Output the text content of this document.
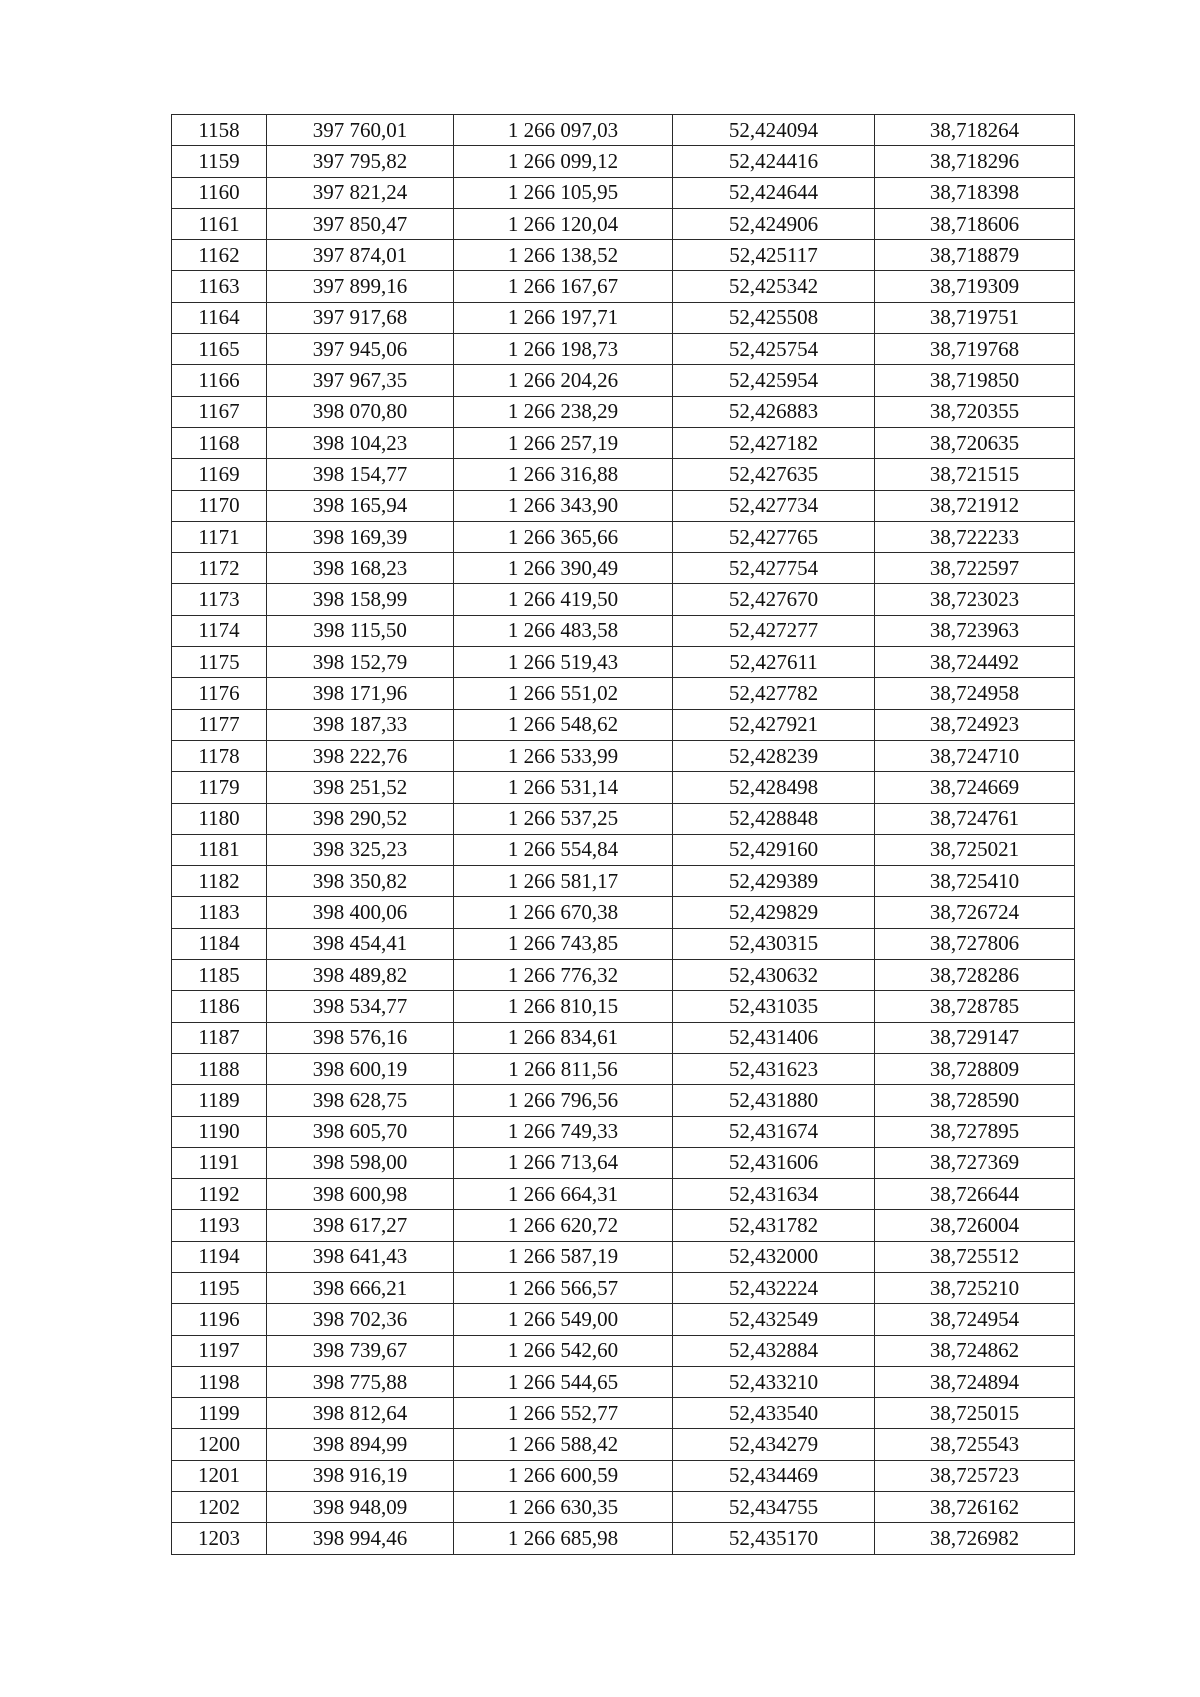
1158	397 760,01	1 266 097,03	52,424094	38,718264
1159	397 795,82	1 266 099,12	52,424416	38,718296
1160	397 821,24	1 266 105,95	52,424644	38,718398
1161	397 850,47	1 266 120,04	52,424906	38,718606
1162	397 874,01	1 266 138,52	52,425117	38,718879
1163	397 899,16	1 266 167,67	52,425342	38,719309
1164	397 917,68	1 266 197,71	52,425508	38,719751
1165	397 945,06	1 266 198,73	52,425754	38,719768
1166	397 967,35	1 266 204,26	52,425954	38,719850
1167	398 070,80	1 266 238,29	52,426883	38,720355
1168	398 104,23	1 266 257,19	52,427182	38,720635
1169	398 154,77	1 266 316,88	52,427635	38,721515
1170	398 165,94	1 266 343,90	52,427734	38,721912
1171	398 169,39	1 266 365,66	52,427765	38,722233
1172	398 168,23	1 266 390,49	52,427754	38,722597
1173	398 158,99	1 266 419,50	52,427670	38,723023
1174	398 115,50	1 266 483,58	52,427277	38,723963
1175	398 152,79	1 266 519,43	52,427611	38,724492
1176	398 171,96	1 266 551,02	52,427782	38,724958
1177	398 187,33	1 266 548,62	52,427921	38,724923
1178	398 222,76	1 266 533,99	52,428239	38,724710
1179	398 251,52	1 266 531,14	52,428498	38,724669
1180	398 290,52	1 266 537,25	52,428848	38,724761
1181	398 325,23	1 266 554,84	52,429160	38,725021
1182	398 350,82	1 266 581,17	52,429389	38,725410
1183	398 400,06	1 266 670,38	52,429829	38,726724
1184	398 454,41	1 266 743,85	52,430315	38,727806
1185	398 489,82	1 266 776,32	52,430632	38,728286
1186	398 534,77	1 266 810,15	52,431035	38,728785
1187	398 576,16	1 266 834,61	52,431406	38,729147
1188	398 600,19	1 266 811,56	52,431623	38,728809
1189	398 628,75	1 266 796,56	52,431880	38,728590
1190	398 605,70	1 266 749,33	52,431674	38,727895
1191	398 598,00	1 266 713,64	52,431606	38,727369
1192	398 600,98	1 266 664,31	52,431634	38,726644
1193	398 617,27	1 266 620,72	52,431782	38,726004
1194	398 641,43	1 266 587,19	52,432000	38,725512
1195	398 666,21	1 266 566,57	52,432224	38,725210
1196	398 702,36	1 266 549,00	52,432549	38,724954
1197	398 739,67	1 266 542,60	52,432884	38,724862
1198	398 775,88	1 266 544,65	52,433210	38,724894
1199	398 812,64	1 266 552,77	52,433540	38,725015
1200	398 894,99	1 266 588,42	52,434279	38,725543
1201	398 916,19	1 266 600,59	52,434469	38,725723
1202	398 948,09	1 266 630,35	52,434755	38,726162
1203	398 994,46	1 266 685,98	52,435170	38,726982
